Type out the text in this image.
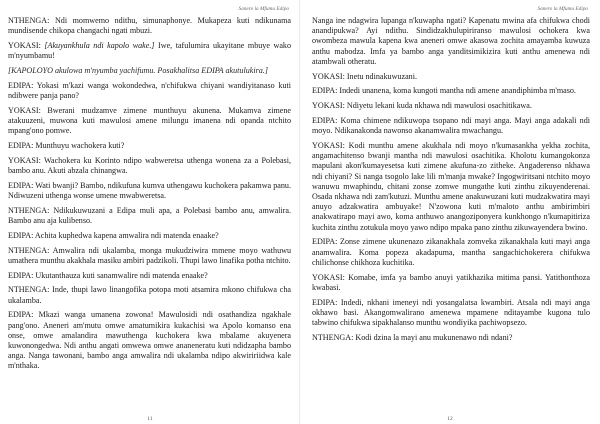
Sanero la Mfumu Edipo

NTHENGA: Ndi momwemo ndithu, simunaphonye. Mukapeza kuti ndikunama mundisende chikopa changachi ngati mbuzi.

YOKASI: [Akuyankhula ndi kapolo wake.] Iwe, tafulumira ukayitane mbuye wako m'nyumbamu!

[KAPOLOYO akulowa m'nyumba yachifumu. Posakhalitsa EDIPA akutulukira.]

EDIPA: Yokasi m'kazi wanga wokondedwa, n'chifukwa chiyani wandiyitanaso kuti ndibwere panja pano?

YOKASI: Bwerani mudzamve zimene munthuyu akunena. Mukamva zimene atakuuzeni, muwona kuti mawulosi amene milungu imanena ndi opanda ntchito mpang'ono pomwe.

EDIPA: Munthuyu wachokera kuti?

YOKASI: Wachokera ku Korinto ndipo wabweretsa uthenga wonena za a Polebasi, bambo anu. Akuti abzala chinangwa.

EDIPA: Wati bwanji? Bambo, ndikufuna kumva uthengawu kuchokera pakamwa panu. Ndiwuzeni uthenga wonse umene mwabweretsa.

NTHENGA: Ndikukuwuzani a Edipa muli apa, a Polebasi bambo anu, amwalira. Bambo anu aja kulibenso.

EDIPA: Achita kuphedwa kapena amwalira ndi matenda enaake?

NTHENGA: Amwalira ndi ukalamba, monga mukudziwira mmene moyo wathuwu umathera munthu akakhala masiku ambiri padzikoli. Thupi lawo linafika potha ntchito.

EDIPA: Ukutanthauza kuti sanamwalire ndi matenda enaake?

NTHENGA: Inde, thupi lawo linangofika potopa moti atsamira mkono chifukwa cha ukalamba.

EDIPA: Mkazi wanga umanena zowona! Mawulosidi ndi osathandiza ngakhale pang'ono. Aneneri am'mutu omwe amatumikira kukachisi wa Apolo komanso ena onse, omwe amalandira mawuthenga kuchokera kwa mbalame akuyenera kuwonongedwa. Ndi anthu angati omwewa omwe ananeneratu kuti ndidzapha bambo anga. Nanga tawonani, bambo anga amwalira ndi ukalamba ndipo akwiririidwa kale m'nthaka.

11
Sanero la Mfumu Edipo

Nanga ine ndagwira lupanga n'kuwapha ngati? Kapenatu mwina afa chifukwa chodi anandipukwa? Ayi ndithu. Sindidzakhulupiriranso mawulosi ochokera kwa owombeza mawula kapena kwa aneneri omwe akasowa zochita amayamba kuwuza anthu mabodza. Imfa ya bambo anga yanditsimikizira kuti anthu amenewa ndi atambwali otheratu.

YOKASI: Inetu ndinakuwuzani.

EDIPA: Indedi unanena, koma kungoti mantha ndi amene anandiphimba m'maso.

YOKASI: Ndiyetu lekani kuda nkhawa ndi mawulosi osachitikawa.

EDIPA: Koma chimene ndikuwopa tsopano ndi mayi anga. Mayi anga adakali ndi moyo. Ndikanakonda nawonso akanamwalira mwachangu.

YOKASI: Kodi munthu amene akukhala ndi moyo n'kumasankha yekha zochita, angamachitenso bwanji mantha ndi mawulosi osachitika. Kholotu kumangokonza mapulani akon'kumayesetsa kuti zimene akufuna-zo zitheke. Angaderenso nkhawa ndi chiyani? Si nanga tsogolo lake lili m'manja mwake? Ingogwiritsani ntchito moyo wanuwu mwaphindu, chitani zonse zomwe mungathe kuti zinthu zikuyenderenai. Osada nkhawa ndi zam'kutuzi. Munthu amene anakuwuzani kuti mudzakwatira mayi anuyo adzakwatira ambuyake! N'zowona kuti m'maloto anthu ambirimbiri anakwatirapo mayi awo, koma anthuwo anangoziponyera kunkhongo n'kumapitiriza kuchita zinthu zotukula moyo yawo ndipo mpaka pano zinthu zikuwayendera bwino.

EDIPA: Zonse zimene ukunenazo zikanakhala zomveka zikanakhala kuti mayi anga anamwalira. Koma popeza akadapuma, mantha sangachichokerera chifukwa chilichonse chikhoza kuchitika.

YOKASI: Komabe, imfa ya bambo anuyi yatikhazika mitima pansi. Yatithonthoza kwabasi.

EDIPA: Indedi, nkhani imeneyi ndi yosangalatsa kwambiri. Atsala ndi mayi anga okhawo basi. Akangomwalirano amenewa mpamene nditayambe kugona tulo tabwino chifukwa sipakhalanso munthu wondiyika pachiwopsezo.

NTHENGA: Kodi dzina la mayi anu mukunenawo ndi ndani?

12
